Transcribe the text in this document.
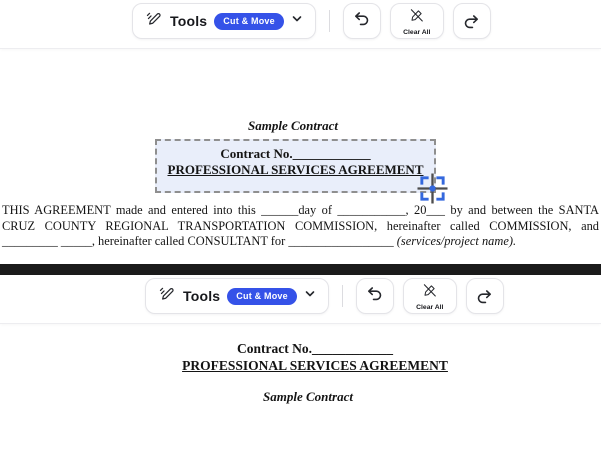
Tools	Cut & Move
Clear All
Sample Contract
Contract No.____________
PROFESSIONAL SERVICES AGREEMENT
THIS AGREEMENT made and entered into this ______day of ___________, 20___ by and between the SANTA
CRUZ COUNTY REGIONAL TRANSPORTATION COMMISSION, hereinafter called COMMISSION, and
_________ _____, hereinafter called CONSULTANT for _________________ (services/project name).
Tools	Cut & Move
Clear All
Contract No.____________
PROFESSIONAL SERVICES AGREEMENT
Sample Contract
